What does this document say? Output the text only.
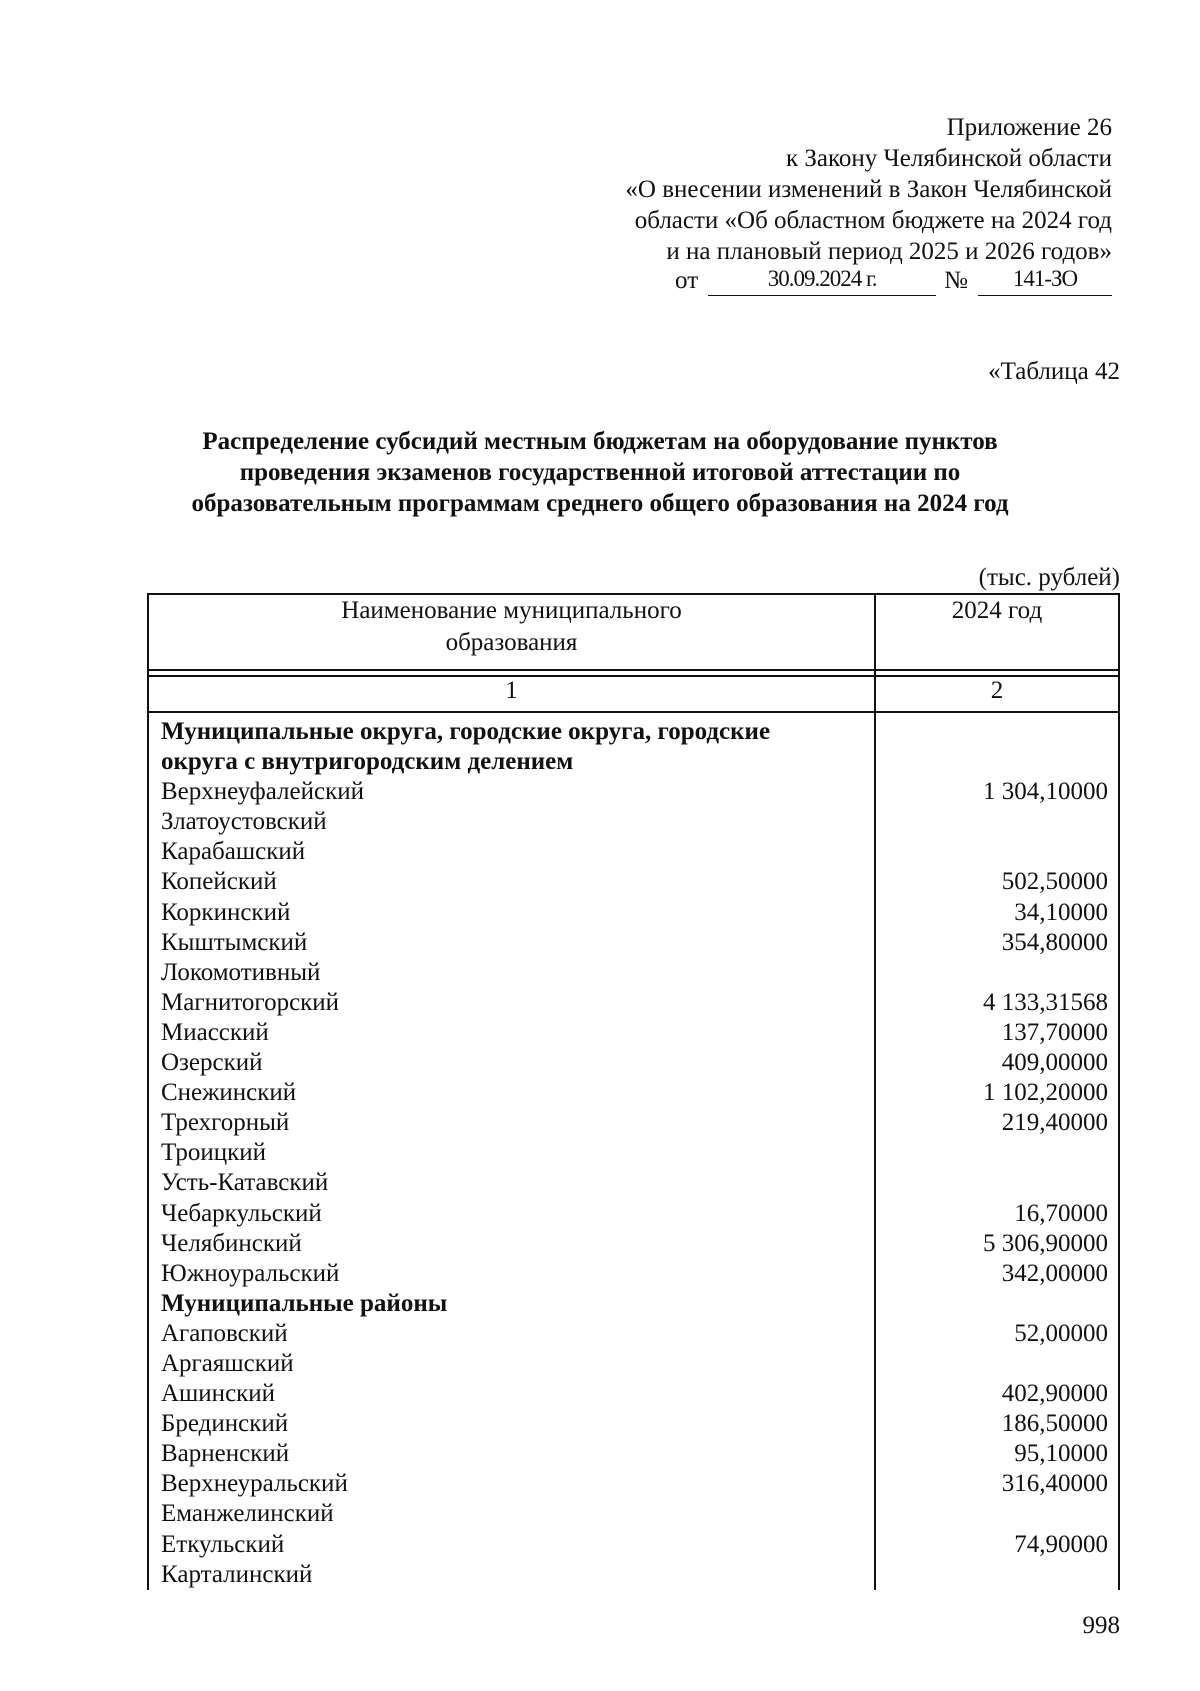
Приложение 26
к Закону Челябинской области
«О внесении изменений в Закон Челябинской
области «Об областном бюджете на 2024 год
и на плановый период 2025 и 2026 годов»
от	30.09.2024 г.	№	141-ЗО
«Таблица 42
Распределение субсидий местным бюджетам на оборудование пунктов
проведения экзаменов государственной итоговой аттестации по
образовательным программам среднего общего образования на 2024 год
(тыс. рублей)
Наименование муниципального
образования	2024 год

1	2
Муниципальные округа, городские округа, городские	
округа с внутригородским делением	
Верхнеуфалейский	1 304,10000
Златоустовский	
Карабашский	
Копейский	502,50000
Коркинский	34,10000
Кыштымский	354,80000
Локомотивный	
Магнитогорский	4 133,31568
Миасский	137,70000
Озерский	409,00000
Снежинский	1 102,20000
Трехгорный	219,40000
Троицкий	
Усть-Катавский	
Чебаркульский	16,70000
Челябинский	5 306,90000
Южноуральский	342,00000
Муниципальные районы	
Агаповский	52,00000
Аргаяшский	
Ашинский	402,90000
Брединский	186,50000
Варненский	95,10000
Верхнеуральский	316,40000
Еманжелинский	
Еткульский	74,90000
Карталинский	
998
